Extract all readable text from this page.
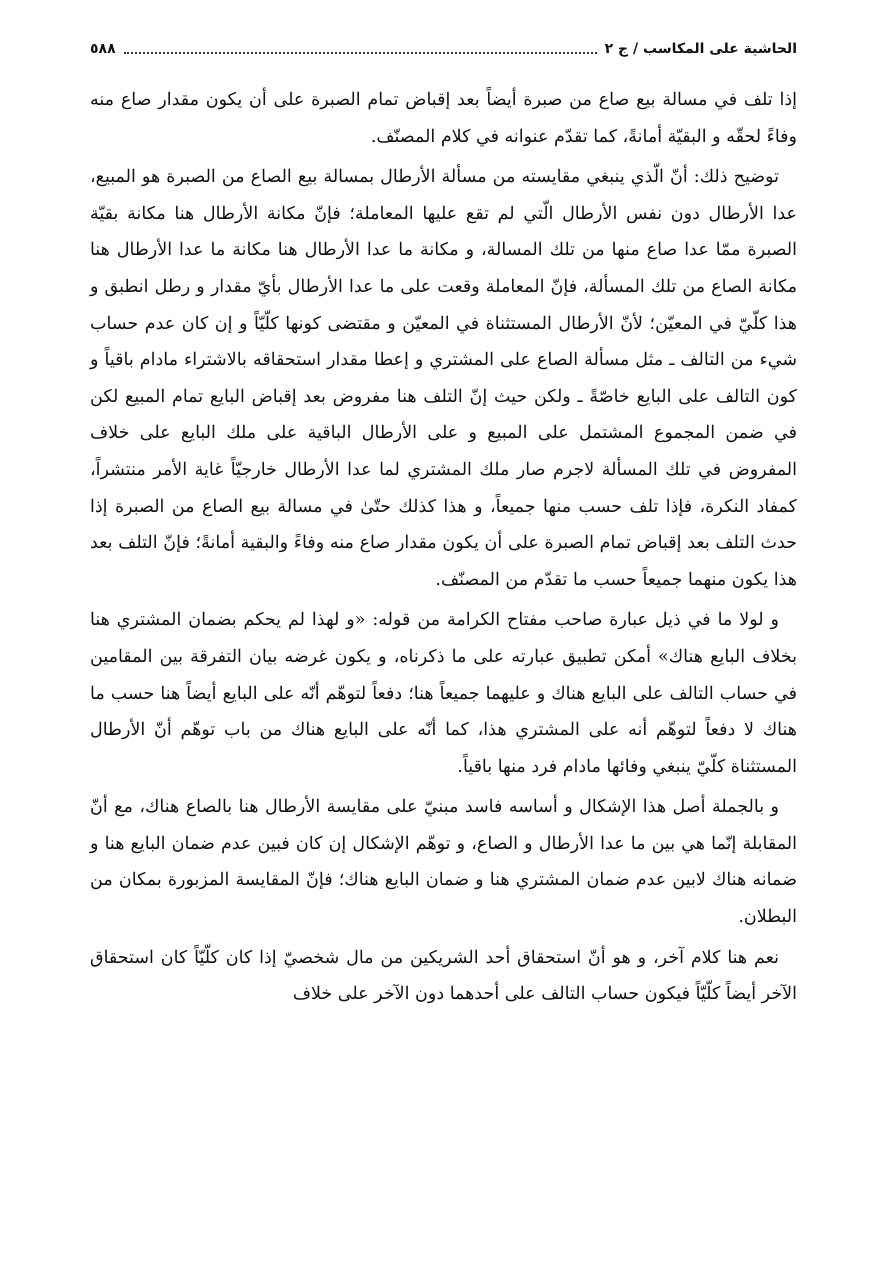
الحاشية على المكاسب / ج ٢
٥٨٨

إذا تلف في مسالة بيع صاع من صبرة أيضاً بعد إقباض تمام الصبرة على أن يكون مقدار صاع منه وفاءً لحقّه و البقيّة أمانةً، كما تقدّم عنوانه في كلام المصنّف.

توضيح ذلك: أنّ الّذي ينبغي مقايسته من مسألة الأرطال بمسالة بيع الصاع من الصبرة هو المبيع، عدا الأرطال دون نفس الأرطال الّتي لم تقع عليها المعاملة؛ فإنّ مكانة الأرطال هنا مكانة بقيّة الصبرة ممّا عدا صاع منها من تلك المسالة، و مكانة ما عدا الأرطال هنا مكانة ما عدا الأرطال هنا مكانة الصاع من تلك المسألة، فإنّ المعاملة وقعت على ما عدا الأرطال بأيّ مقدار و رطل انطبق و هذا كلّيّ في المعيّن؛ لأنّ الأرطال المستثناة في المعيّن و مقتضى كونها كلّيّاً و إن كان عدم حساب شيء من التالف ـ مثل مسألة الصاع على المشتري و إعطا مقدار استحقاقه بالاشتراء مادام باقياً و كون التالف على البايع خاصّةً ـ ولكن حيث إنّ التلف هنا مفروض بعد إقباض البايع تمام المبيع لكن في ضمن المجموع المشتمل على المبيع و على الأرطال الباقية على ملك البايع على خلاف المفروض في تلك المسألة لاجرم صار ملك المشتري لما عدا الأرطال خارجيّاً غاية الأمر منتشراً، كمفاد النكرة، فإذا تلف حسب منها جميعاً، و هذا كذلك حتّىٰ في مسالة بيع الصاع من الصبرة إذا حدث التلف بعد إقباض تمام الصبرة على أن يكون مقدار صاع منه وفاءً والبقية أمانةً؛ فإنّ التلف بعد هذا يكون منهما جميعاً حسب ما تقدّم من المصنّف.

و لولا ما في ذيل عبارة صاحب مفتاح الكرامة من قوله: «و لهذا لم يحكم بضمان المشتري هنا بخلاف البايع هناك» أمكن تطبيق عبارته على ما ذكرناه، و يكون غرضه بيان التفرقة بين المقامين في حساب التالف على البايع هناك و عليهما جميعاً هنا؛ دفعاً لتوهّم أنّه على البايع أيضاً هنا حسب ما هناك لا دفعاً لتوهّم أنه على المشتري هذا، كما أنّه على البايع هناك من باب توهّم أنّ الأرطال المستثناة كلّيّ ينبغي وفائها مادام فرد منها باقياً.

و بالجملة أصل هذا الإشكال و أساسه فاسد مبنيّ على مقايسة الأرطال هنا بالصاع هناك، مع أنّ المقابلة إنّما هي بين ما عدا الأرطال و الصاع، و توهّم الإشكال إن كان فبين عدم ضمان البايع هنا و ضمانه هناك لابين عدم ضمان المشتري هنا و ضمان البايع هناك؛ فإنّ المقايسة المزبورة بمكان من البطلان.

نعم هنا كلام آخر، و هو أنّ استحقاق أحد الشريكين من مال شخصيّ إذا كان كلّيّاً كان استحقاق الآخر أيضاً كلّيّاً فيكون حساب التالف على أحدهما دون الآخر على خلاف
